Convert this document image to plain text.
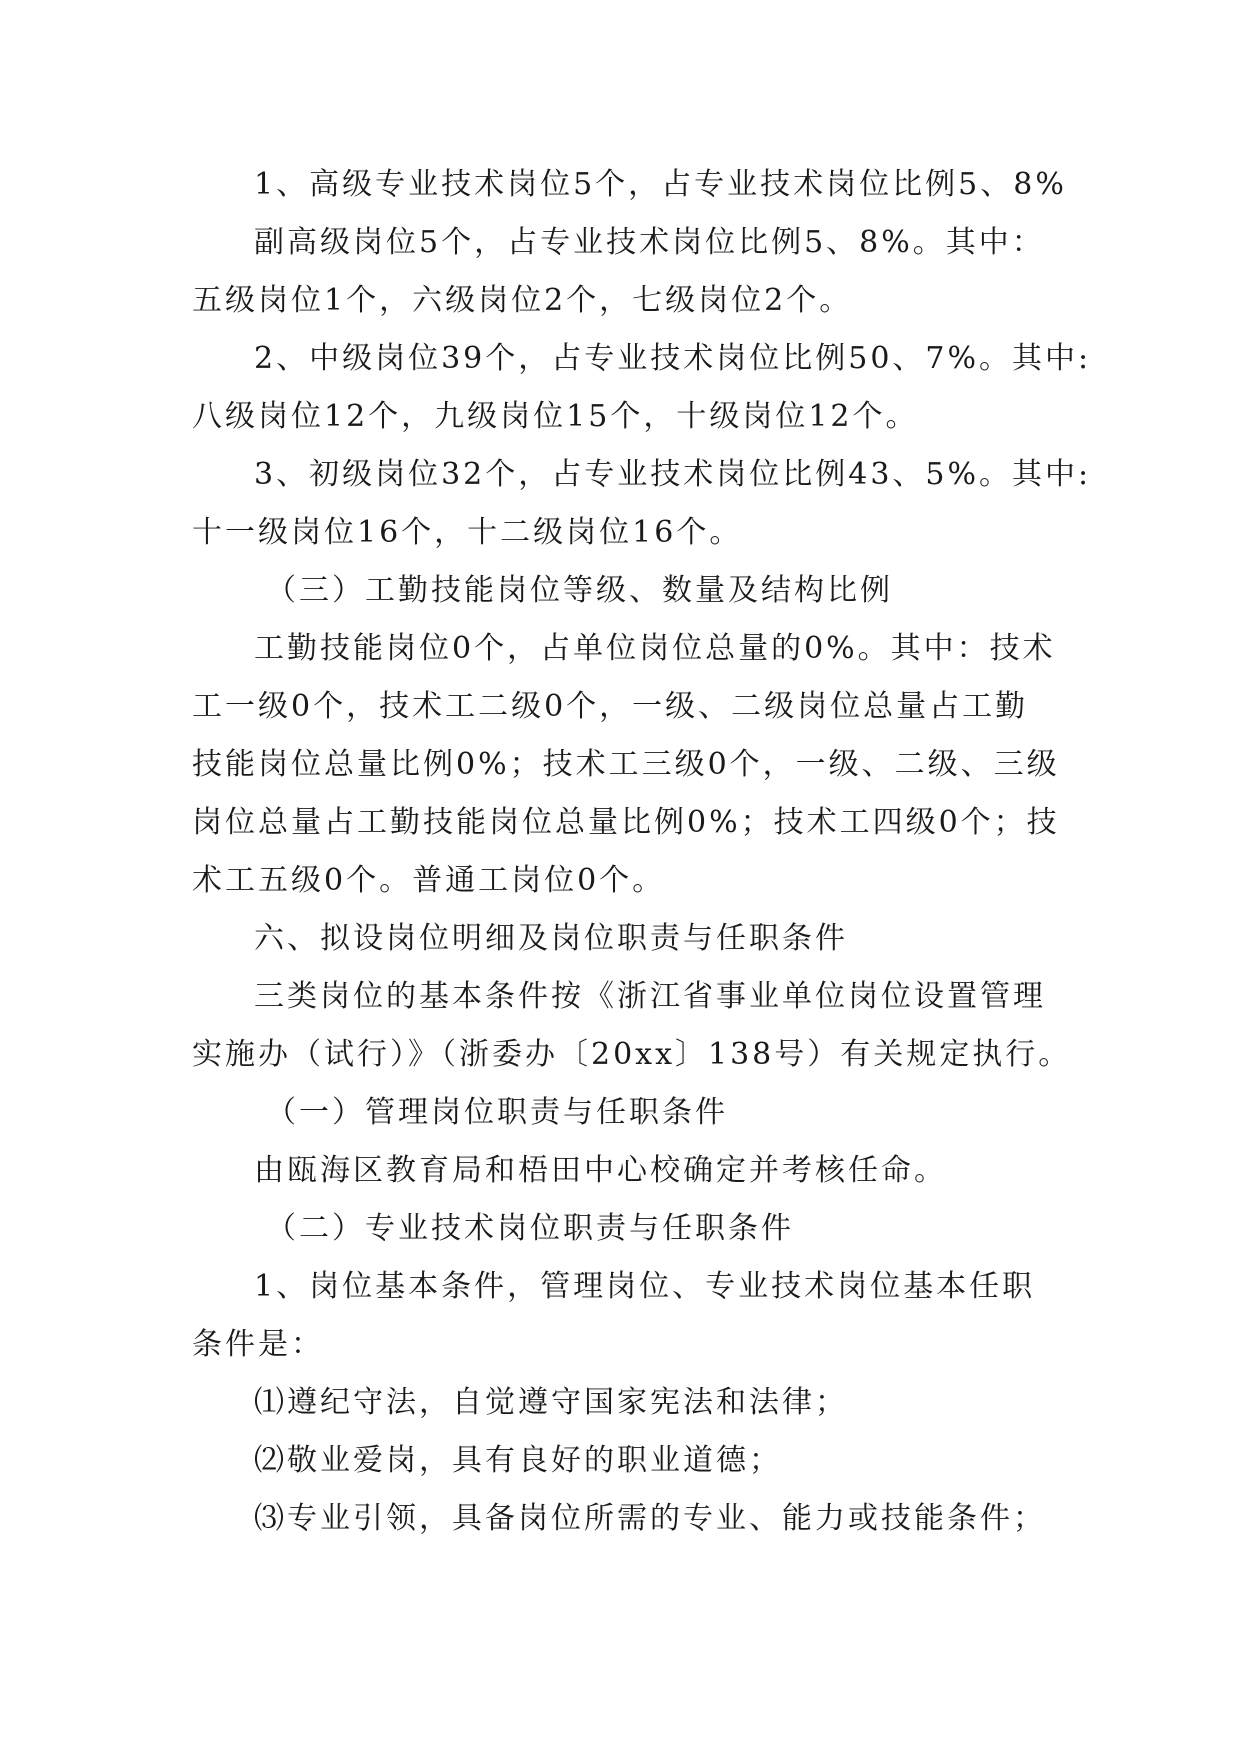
1、高级专业技术岗位5个，占专业技术岗位比例5、8%
副高级岗位5个，占专业技术岗位比例5、8%。其中：
五级岗位1个，六级岗位2个，七级岗位2个。
2、中级岗位39个，占专业技术岗位比例50、7%。其中:
八级岗位12个，九级岗位15个，十级岗位12个。
3、初级岗位32个，占专业技术岗位比例43、5%。其中:
十一级岗位16个，十二级岗位16个。
（三）工勤技能岗位等级、数量及结构比例
工勤技能岗位0个，占单位岗位总量的0%。其中：技术
工一级0个，技术工二级0个，一级、二级岗位总量占工勤
技能岗位总量比例0%；技术工三级0个，一级、二级、三级
岗位总量占工勤技能岗位总量比例0%；技术工四级0个；技
术工五级0个。普通工岗位0个。
六、拟设岗位明细及岗位职责与任职条件
三类岗位的基本条件按《浙江省事业单位岗位设置管理
实施办（试行）》（浙委办〔20xx〕138号）有关规定执行。
（一）管理岗位职责与任职条件
由瓯海区教育局和梧田中心校确定并考核任命。
（二）专业技术岗位职责与任职条件
1、岗位基本条件，管理岗位、专业技术岗位基本任职
条件是：
⑴遵纪守法，自觉遵守国家宪法和法律；
⑵敬业爱岗，具有良好的职业道德；
⑶专业引领，具备岗位所需的专业、能力或技能条件；
